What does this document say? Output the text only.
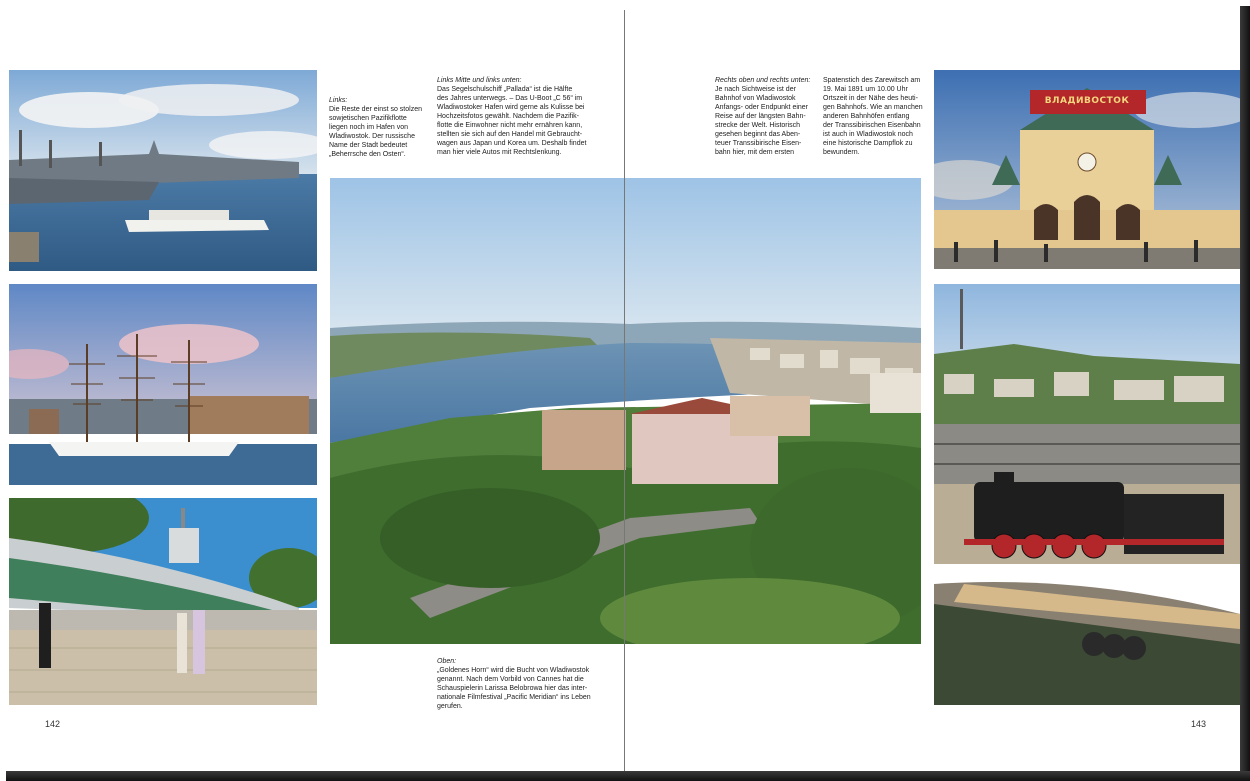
Links:
Die Reste der einst so stolzen
sowjetischen Pazifikflotte
liegen noch im Hafen von
Wladiwostok. Der russische
Name der Stadt bedeutet
„Beherrsche den Osten“.
Links Mitte und links unten:
Das Segelschulschiff „Pallada“ ist die Hälfte
des Jahres unterwegs. – Das U-Boot „C 56“ im
Wladiwostoker Hafen wird gerne als Kulisse bei
Hochzeitsfotos gewählt. Nachdem die Pazifik-
flotte die Einwohner nicht mehr ernähren kann,
stellten sie sich auf den Handel mit Gebraucht-
wagen aus Japan und Korea um. Deshalb findet
man hier viele Autos mit Rechtslenkung.
Rechts oben und rechts unten:
Je nach Sichtweise ist der
Bahnhof von Wladiwostok
Anfangs- oder Endpunkt einer
Reise auf der längsten Bahn-
strecke der Welt. Historisch
gesehen beginnt das Aben-
teuer Transsibirische Eisen-
bahn hier, mit dem ersten
Spatenstich des Zarewitsch am
19. Mai 1891 um 10.00 Uhr
Ortszeit in der Nähe des heuti-
gen Bahnhofs. Wie an manchen
anderen Bahnhöfen entlang
der Transsibirischen Eisenbahn
ist auch in Wladiwostok noch
eine historische Dampflok zu
bewundern.
Oben:
„Goldenes Horn“ wird die Bucht von Wladiwostok
genannt. Nach dem Vorbild von Cannes hat die
Schauspielerin Larissa Belobrowa hier das inter-
nationale Filmfestival „Pacific Meridian“ ins Leben
gerufen.
ВЛАДИВОСТОК
142	143
